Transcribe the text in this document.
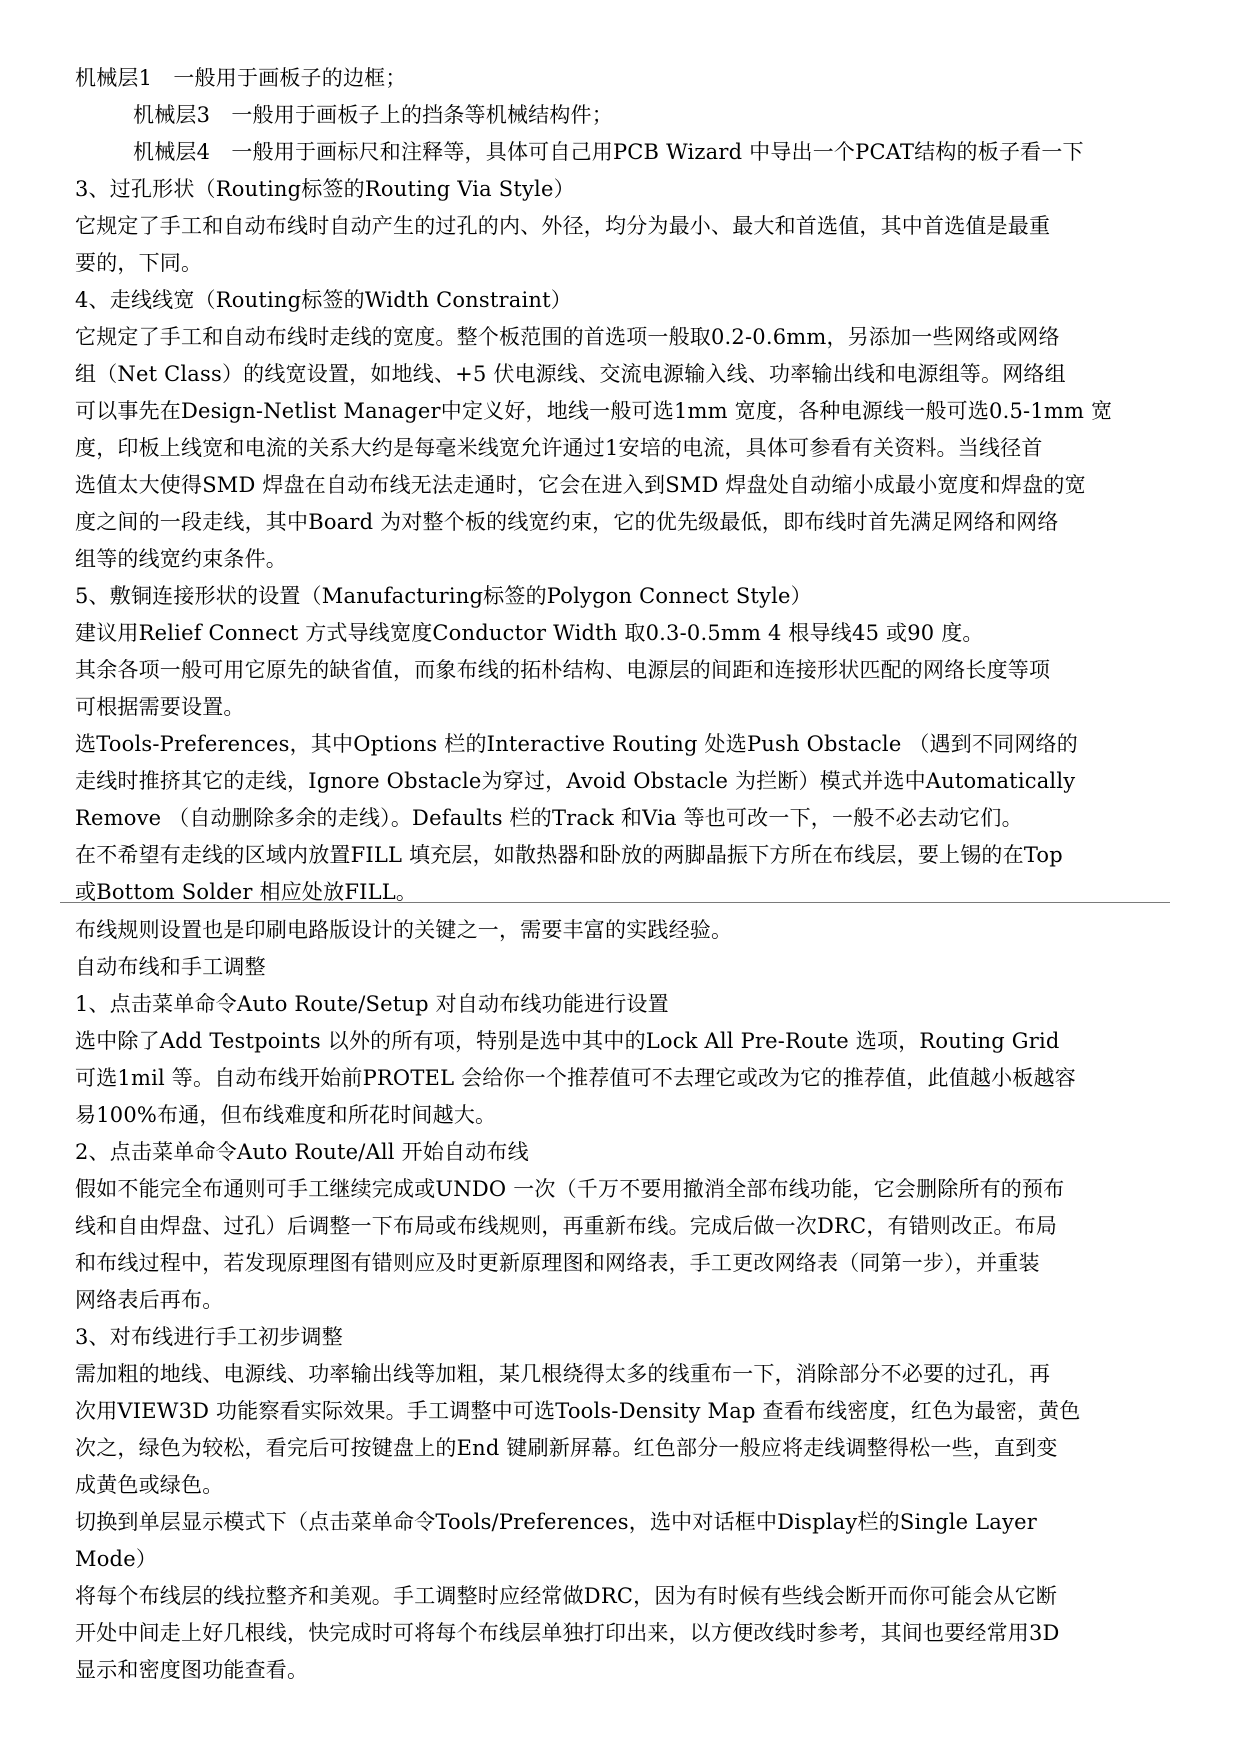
机械层1　一般用于画板子的边框；
机械层3　一般用于画板子上的挡条等机械结构件；
机械层4　一般用于画标尺和注释等，具体可自己用PCB Wizard 中导出一个PCAT结构的板子看一下
3、过孔形状（Routing标签的Routing Via Style）
它规定了手工和自动布线时自动产生的过孔的内、外径，均分为最小、最大和首选值，其中首选值是最重
要的，下同。
4、走线线宽（Routing标签的Width Constraint）
它规定了手工和自动布线时走线的宽度。整个板范围的首选项一般取0.2-0.6mm，另添加一些网络或网络
组（Net Class）的线宽设置，如地线、+5 伏电源线、交流电源输入线、功率输出线和电源组等。网络组
可以事先在Design-Netlist Manager中定义好，地线一般可选1mm 宽度，各种电源线一般可选0.5-1mm 宽
度，印板上线宽和电流的关系大约是每毫米线宽允许通过1安培的电流，具体可参看有关资料。当线径首
选值太大使得SMD 焊盘在自动布线无法走通时，它会在进入到SMD 焊盘处自动缩小成最小宽度和焊盘的宽
度之间的一段走线，其中Board 为对整个板的线宽约束，它的优先级最低，即布线时首先满足网络和网络
组等的线宽约束条件。
5、敷铜连接形状的设置（Manufacturing标签的Polygon Connect Style）
建议用Relief Connect 方式导线宽度Conductor Width 取0.3-0.5mm 4 根导线45 或90 度。
其余各项一般可用它原先的缺省值，而象布线的拓朴结构、电源层的间距和连接形状匹配的网络长度等项
可根据需要设置。
选Tools-Preferences，其中Options 栏的Interactive Routing 处选Push Obstacle （遇到不同网络的
走线时推挤其它的走线，Ignore Obstacle为穿过，Avoid Obstacle 为拦断）模式并选中Automatically
Remove （自动删除多余的走线）。Defaults 栏的Track 和Via 等也可改一下，一般不必去动它们。
在不希望有走线的区域内放置FILL 填充层，如散热器和卧放的两脚晶振下方所在布线层，要上锡的在Top
或Bottom Solder 相应处放FILL。
布线规则设置也是印刷电路版设计的关键之一，需要丰富的实践经验。
自动布线和手工调整
1、点击菜单命令Auto Route/Setup 对自动布线功能进行设置
选中除了Add Testpoints 以外的所有项，特别是选中其中的Lock All Pre-Route 选项，Routing Grid
可选1mil 等。自动布线开始前PROTEL 会给你一个推荐值可不去理它或改为它的推荐值，此值越小板越容
易100%布通，但布线难度和所花时间越大。
2、点击菜单命令Auto Route/All 开始自动布线
假如不能完全布通则可手工继续完成或UNDO 一次（千万不要用撤消全部布线功能，它会删除所有的预布
线和自由焊盘、过孔）后调整一下布局或布线规则，再重新布线。完成后做一次DRC，有错则改正。布局
和布线过程中，若发现原理图有错则应及时更新原理图和网络表，手工更改网络表（同第一步），并重装
网络表后再布。
3、对布线进行手工初步调整
需加粗的地线、电源线、功率输出线等加粗，某几根绕得太多的线重布一下，消除部分不必要的过孔，再
次用VIEW3D 功能察看实际效果。手工调整中可选Tools-Density Map 查看布线密度，红色为最密，黄色
次之，绿色为较松，看完后可按键盘上的End 键刷新屏幕。红色部分一般应将走线调整得松一些，直到变
成黄色或绿色。
切换到单层显示模式下（点击菜单命令Tools/Preferences，选中对话框中Display栏的Single Layer
Mode）
将每个布线层的线拉整齐和美观。手工调整时应经常做DRC，因为有时候有些线会断开而你可能会从它断
开处中间走上好几根线，快完成时可将每个布线层单独打印出来，以方便改线时参考，其间也要经常用3D
显示和密度图功能查看。
